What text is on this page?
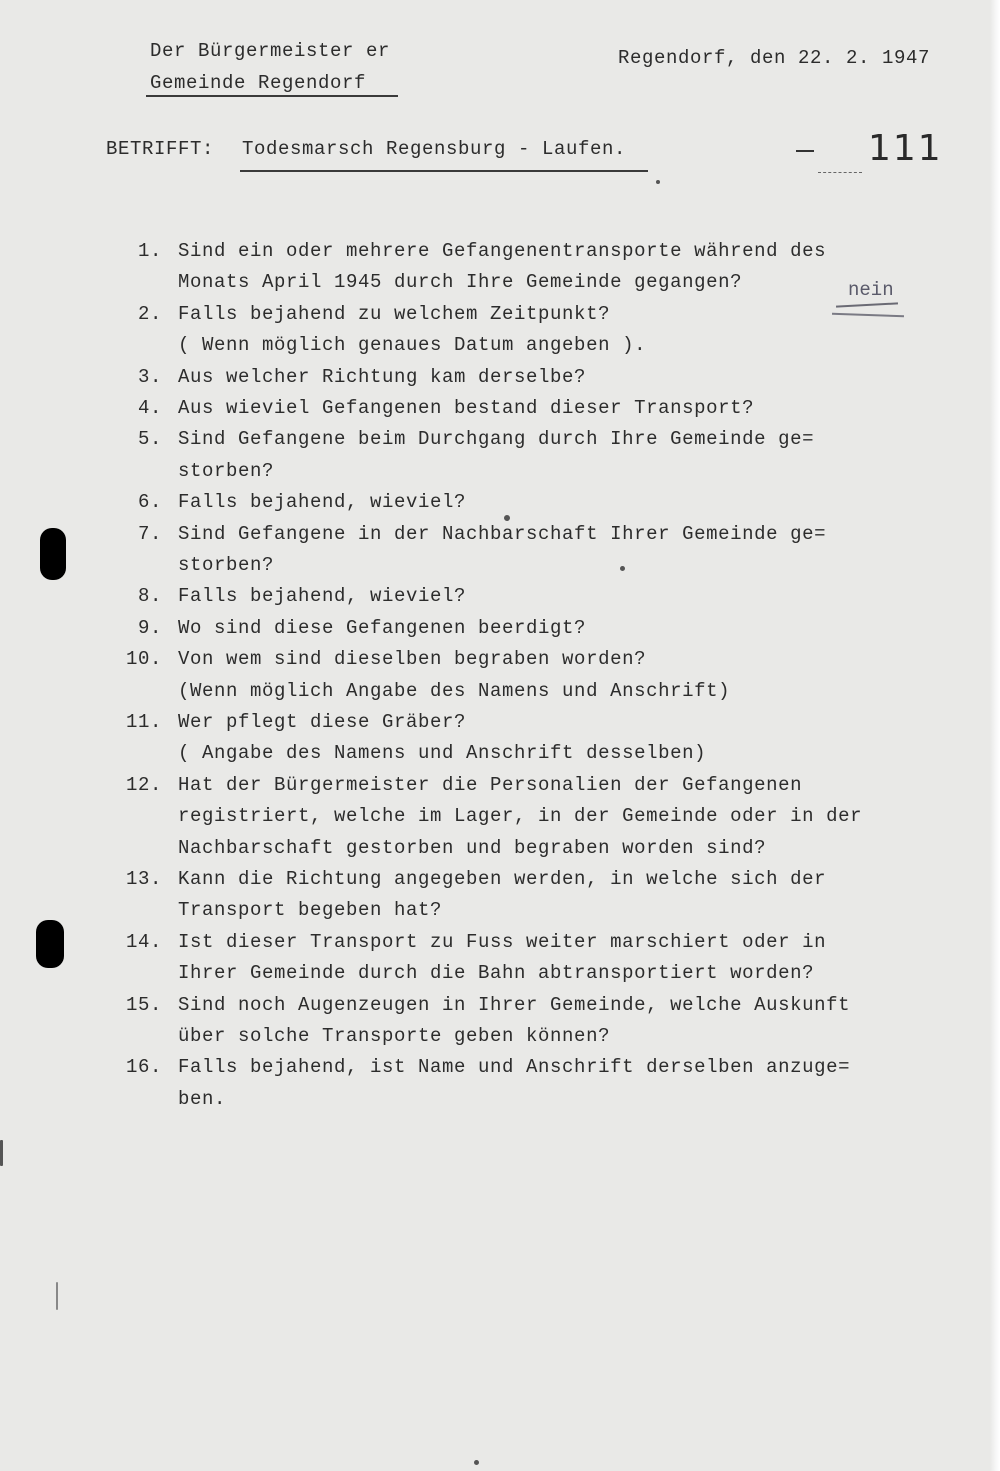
Der Bürgermeister er
Gemeinde Regendorf
Regendorf, den 22. 2. 1947
BETRIFFT: Todesmarsch Regensburg - Laufen.	111
nein
1. Sind ein oder mehrere Gefangenentransporte während des
Monats April 1945 durch Ihre Gemeinde gegangen?
2. Falls bejahend zu welchem Zeitpunkt?
( Wenn möglich genaues Datum angeben ).
3. Aus welcher Richtung kam derselbe?
4. Aus wieviel Gefangenen bestand dieser Transport?
5. Sind Gefangene beim Durchgang durch Ihre Gemeinde ge=
storben?
6. Falls bejahend, wieviel?
7. Sind Gefangene in der Nachbarschaft Ihrer Gemeinde ge=
storben?
8. Falls bejahend, wieviel?
9. Wo sind diese Gefangenen beerdigt?
10. Von wem sind dieselben begraben worden?
(Wenn möglich Angabe des Namens und Anschrift)
11. Wer pflegt diese Gräber?
( Angabe des Namens und Anschrift desselben)
12. Hat der Bürgermeister die Personalien der Gefangenen
registriert, welche im Lager, in der Gemeinde oder in der
Nachbarschaft gestorben und begraben worden sind?
13. Kann die Richtung angegeben werden, in welche sich der
Transport begeben hat?
14. Ist dieser Transport zu Fuss weiter marschiert oder in
Ihrer Gemeinde durch die Bahn abtransportiert worden?
15. Sind noch Augenzeugen in Ihrer Gemeinde, welche Auskunft
über solche Transporte geben können?
16. Falls bejahend, ist Name und Anschrift derselben anzuge=
ben.
